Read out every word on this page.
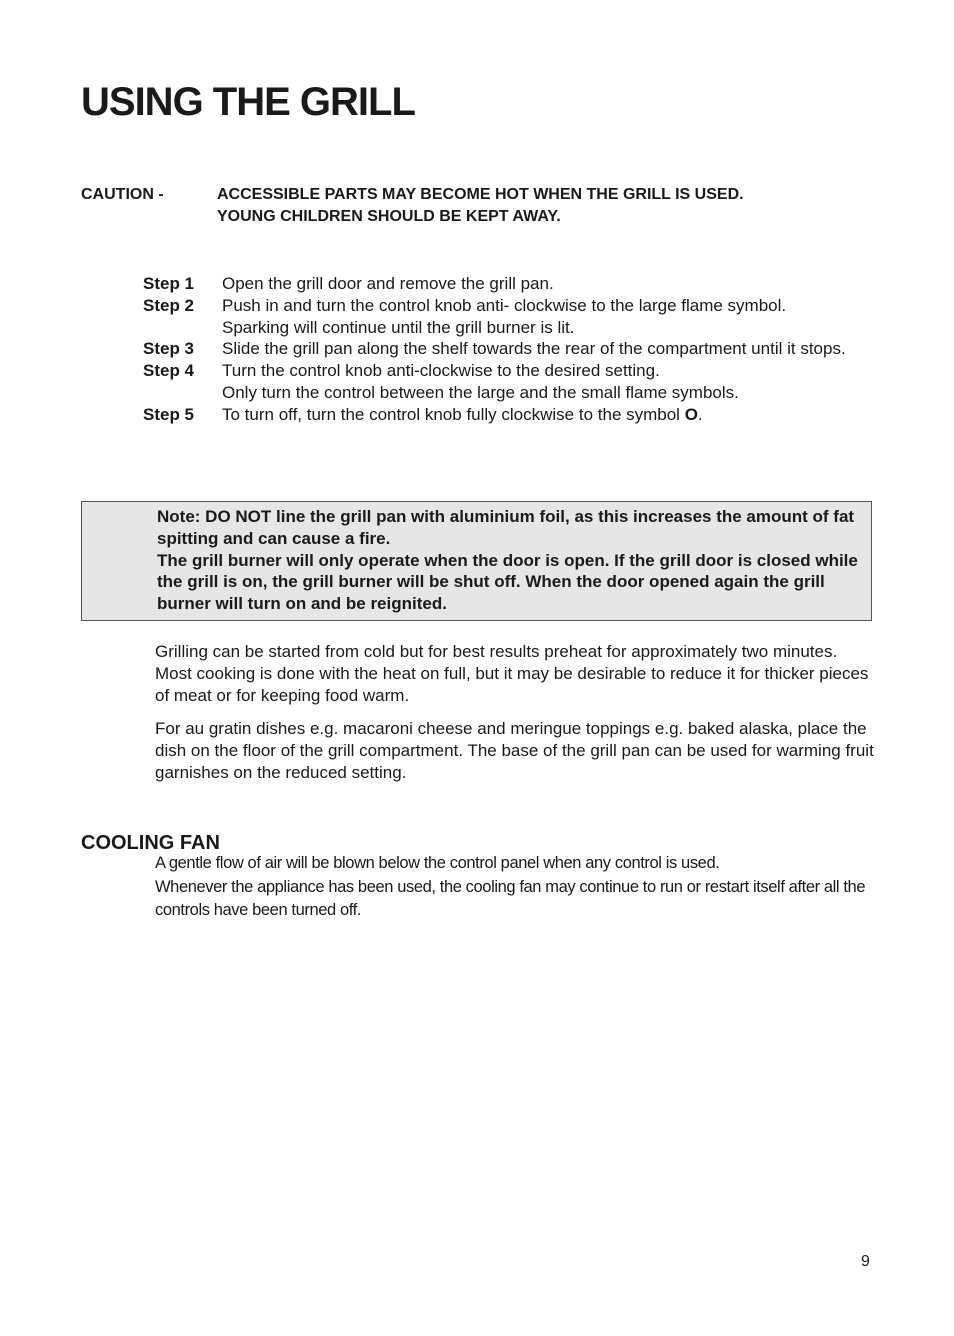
USING THE GRILL
CAUTION -	ACCESSIBLE PARTS MAY BECOME HOT WHEN THE GRILL IS USED.
YOUNG CHILDREN SHOULD BE KEPT AWAY.
Step 1	Open the grill door and remove the grill pan.
Step 2	Push in and turn the control knob anti- clockwise to the large flame symbol.
Sparking will continue until the grill burner is lit.
Step 3	Slide the grill pan along the shelf towards the rear of the compartment until it stops.
Step 4	Turn the control knob anti-clockwise to the desired setting.
Only turn the control between the large and the small flame symbols.
Step 5	To turn off, turn the control knob fully clockwise to the symbol O.
Note: DO NOT line the grill pan with aluminium foil, as this increases the amount of fat spitting and can cause a fire.
The grill burner will only operate when the door is open. If the grill door is closed while the grill is on, the grill burner will be shut off. When the door opened again the grill burner will turn on and be reignited.

Grilling can be started from cold but for best results preheat for approximately two minutes. Most cooking is done with the heat on full, but it may be desirable to reduce it for thicker pieces of meat or for keeping food warm.

For au gratin dishes e.g. macaroni cheese and meringue toppings e.g. baked alaska, place the dish on the floor of the grill compartment. The base of the grill pan can be used for warming fruit garnishes on the reduced setting.

COOLING FAN
A gentle flow of air will be blown below the control panel when any control is used.
Whenever the appliance has been used, the cooling fan may continue to run or restart itself after all the controls have been turned off.
9
